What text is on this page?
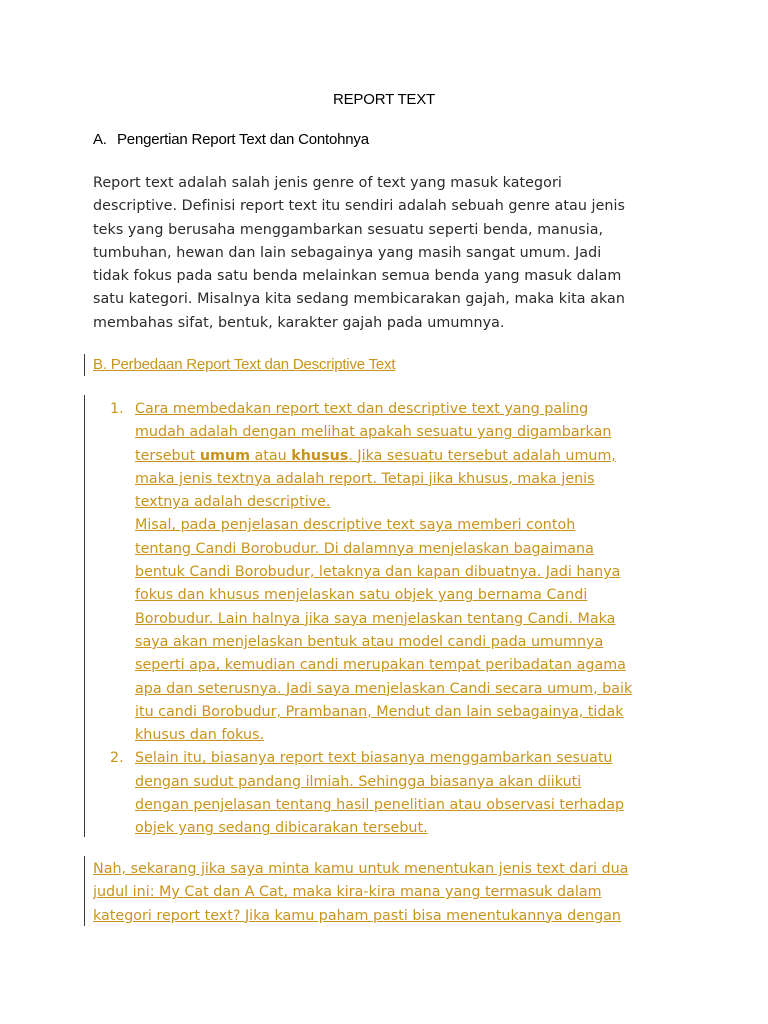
REPORT TEXT
A. Pengertian Report Text dan Contohnya
Report text adalah salah jenis genre of text yang masuk kategori
descriptive. Definisi report text itu sendiri adalah sebuah genre atau jenis
teks yang berusaha menggambarkan sesuatu seperti benda, manusia,
tumbuhan, hewan dan lain sebagainya yang masih sangat umum. Jadi
tidak fokus pada satu benda melainkan semua benda yang masuk dalam
satu kategori. Misalnya kita sedang membicarakan gajah, maka kita akan
membahas sifat, bentuk, karakter gajah pada umumnya.
B. Perbedaan Report Text dan Descriptive Text
1. Cara membedakan report text dan descriptive text yang paling
mudah adalah dengan melihat apakah sesuatu yang digambarkan
tersebut umum atau khusus. Jika sesuatu tersebut adalah umum,
maka jenis textnya adalah report. Tetapi jika khusus, maka jenis
textnya adalah descriptive.
Misal, pada penjelasan descriptive text saya memberi contoh
tentang Candi Borobudur. Di dalamnya menjelaskan bagaimana
bentuk Candi Borobudur, letaknya dan kapan dibuatnya. Jadi hanya
fokus dan khusus menjelaskan satu objek yang bernama Candi
Borobudur. Lain halnya jika saya menjelaskan tentang Candi. Maka
saya akan menjelaskan bentuk atau model candi pada umumnya
seperti apa, kemudian candi merupakan tempat peribadatan agama
apa dan seterusnya. Jadi saya menjelaskan Candi secara umum, baik
itu candi Borobudur, Prambanan, Mendut dan lain sebagainya, tidak
khusus dan fokus.
2. Selain itu, biasanya report text biasanya menggambarkan sesuatu
dengan sudut pandang ilmiah. Sehingga biasanya akan diikuti
dengan penjelasan tentang hasil penelitian atau observasi terhadap
objek yang sedang dibicarakan tersebut.
Nah, sekarang jika saya minta kamu untuk menentukan jenis text dari dua
judul ini: My Cat dan A Cat, maka kira-kira mana yang termasuk dalam
kategori report text? Jika kamu paham pasti bisa menentukannya dengan
